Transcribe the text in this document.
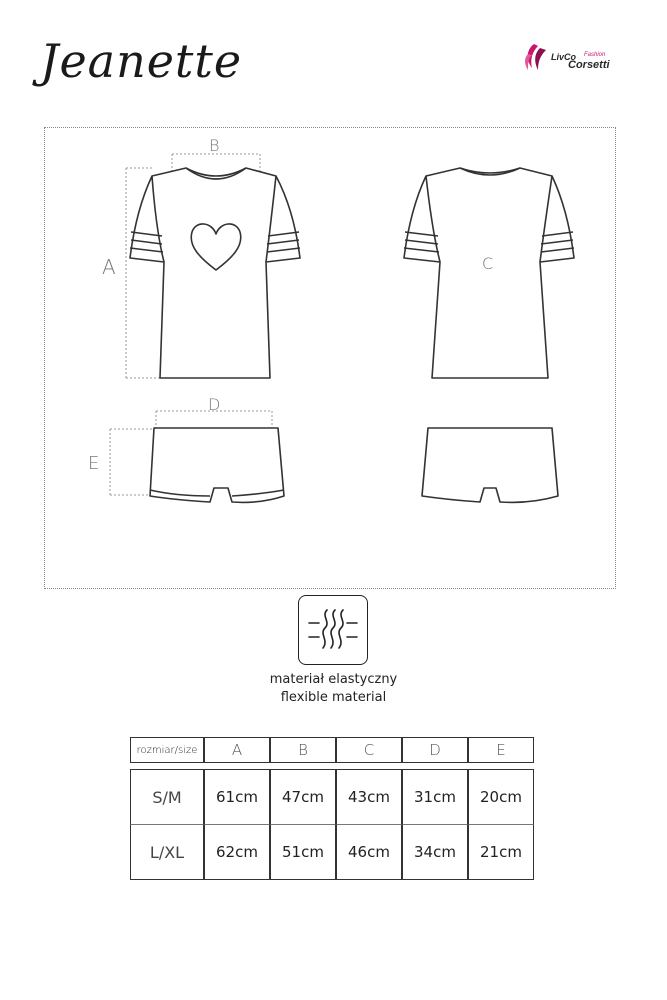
Jeanette	LivCo Fashion
Corsetti
A
B
C
D
E
materiał elastyczny
flexible material
rozmiar/size	A	B	C	D	E

S/M	61cm	47cm	43cm	31cm	20cm
L/XL	62cm	51cm	46cm	34cm	21cm
